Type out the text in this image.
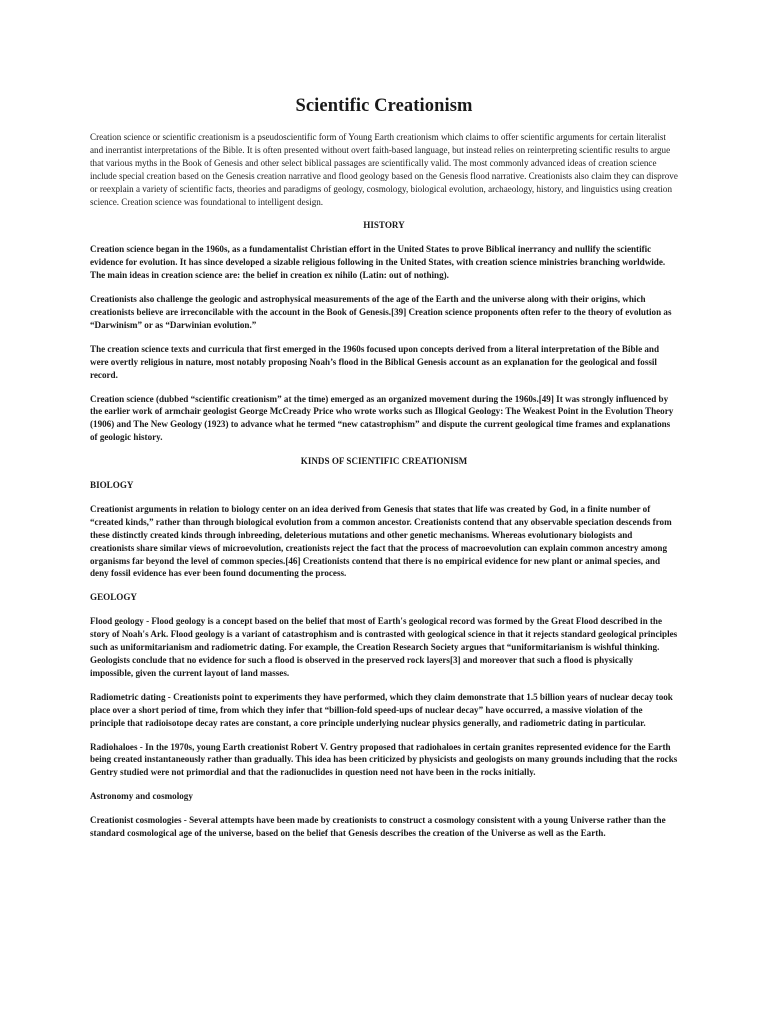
Scientific Creationism

Creation science or scientific creationism is a pseudoscientific form of Young Earth creationism which claims to offer scientific arguments for certain literalist and inerrantist interpretations of the Bible. It is often presented without overt faith-based language, but instead relies on reinterpreting scientific results to argue that various myths in the Book of Genesis and other select biblical passages are scientifically valid. The most commonly advanced ideas of creation science include special creation based on the Genesis creation narrative and flood geology based on the Genesis flood narrative. Creationists also claim they can disprove or reexplain a variety of scientific facts, theories and paradigms of geology, cosmology, biological evolution, archaeology, history, and linguistics using creation science. Creation science was foundational to intelligent design.

HISTORY

Creation science began in the 1960s, as a fundamentalist Christian effort in the United States to prove Biblical inerrancy and nullify the scientific evidence for evolution. It has since developed a sizable religious following in the United States, with creation science ministries branching worldwide. The main ideas in creation science are: the belief in creation ex nihilo (Latin: out of nothing).

Creationists also challenge the geologic and astrophysical measurements of the age of the Earth and the universe along with their origins, which creationists believe are irreconcilable with the account in the Book of Genesis.[39] Creation science proponents often refer to the theory of evolution as “Darwinism” or as “Darwinian evolution.”

The creation science texts and curricula that first emerged in the 1960s focused upon concepts derived from a literal interpretation of the Bible and were overtly religious in nature, most notably proposing Noah’s flood in the Biblical Genesis account as an explanation for the geological and fossil record.

Creation science (dubbed “scientific creationism” at the time) emerged as an organized movement during the 1960s.[49] It was strongly influenced by the earlier work of armchair geologist George McCready Price who wrote works such as Illogical Geology: The Weakest Point in the Evolution Theory (1906) and The New Geology (1923) to advance what he termed “new catastrophism” and dispute the current geological time frames and explanations of geologic history.

KINDS OF SCIENTIFIC CREATIONISM

BIOLOGY

Creationist arguments in relation to biology center on an idea derived from Genesis that states that life was created by God, in a finite number of “created kinds,” rather than through biological evolution from a common ancestor. Creationists contend that any observable speciation descends from these distinctly created kinds through inbreeding, deleterious mutations and other genetic mechanisms. Whereas evolutionary biologists and creationists share similar views of microevolution, creationists reject the fact that the process of macroevolution can explain common ancestry among organisms far beyond the level of common species.[46] Creationists contend that there is no empirical evidence for new plant or animal species, and deny fossil evidence has ever been found documenting the process.

GEOLOGY

Flood geology - Flood geology is a concept based on the belief that most of Earth's geological record was formed by the Great Flood described in the story of Noah's Ark. Flood geology is a variant of catastrophism and is contrasted with geological science in that it rejects standard geological principles such as uniformitarianism and radiometric dating. For example, the Creation Research Society argues that “uniformitarianism is wishful thinking. Geologists conclude that no evidence for such a flood is observed in the preserved rock layers[3] and moreover that such a flood is physically impossible, given the current layout of land masses.

Radiometric dating - Creationists point to experiments they have performed, which they claim demonstrate that 1.5 billion years of nuclear decay took place over a short period of time, from which they infer that “billion-fold speed-ups of nuclear decay” have occurred, a massive violation of the principle that radioisotope decay rates are constant, a core principle underlying nuclear physics generally, and radiometric dating in particular.

Radiohaloes - In the 1970s, young Earth creationist Robert V. Gentry proposed that radiohaloes in certain granites represented evidence for the Earth being created instantaneously rather than gradually. This idea has been criticized by physicists and geologists on many grounds including that the rocks Gentry studied were not primordial and that the radionuclides in question need not have been in the rocks initially.

Astronomy and cosmology

Creationist cosmologies - Several attempts have been made by creationists to construct a cosmology consistent with a young Universe rather than the standard cosmological age of the universe, based on the belief that Genesis describes the creation of the Universe as well as the Earth.
